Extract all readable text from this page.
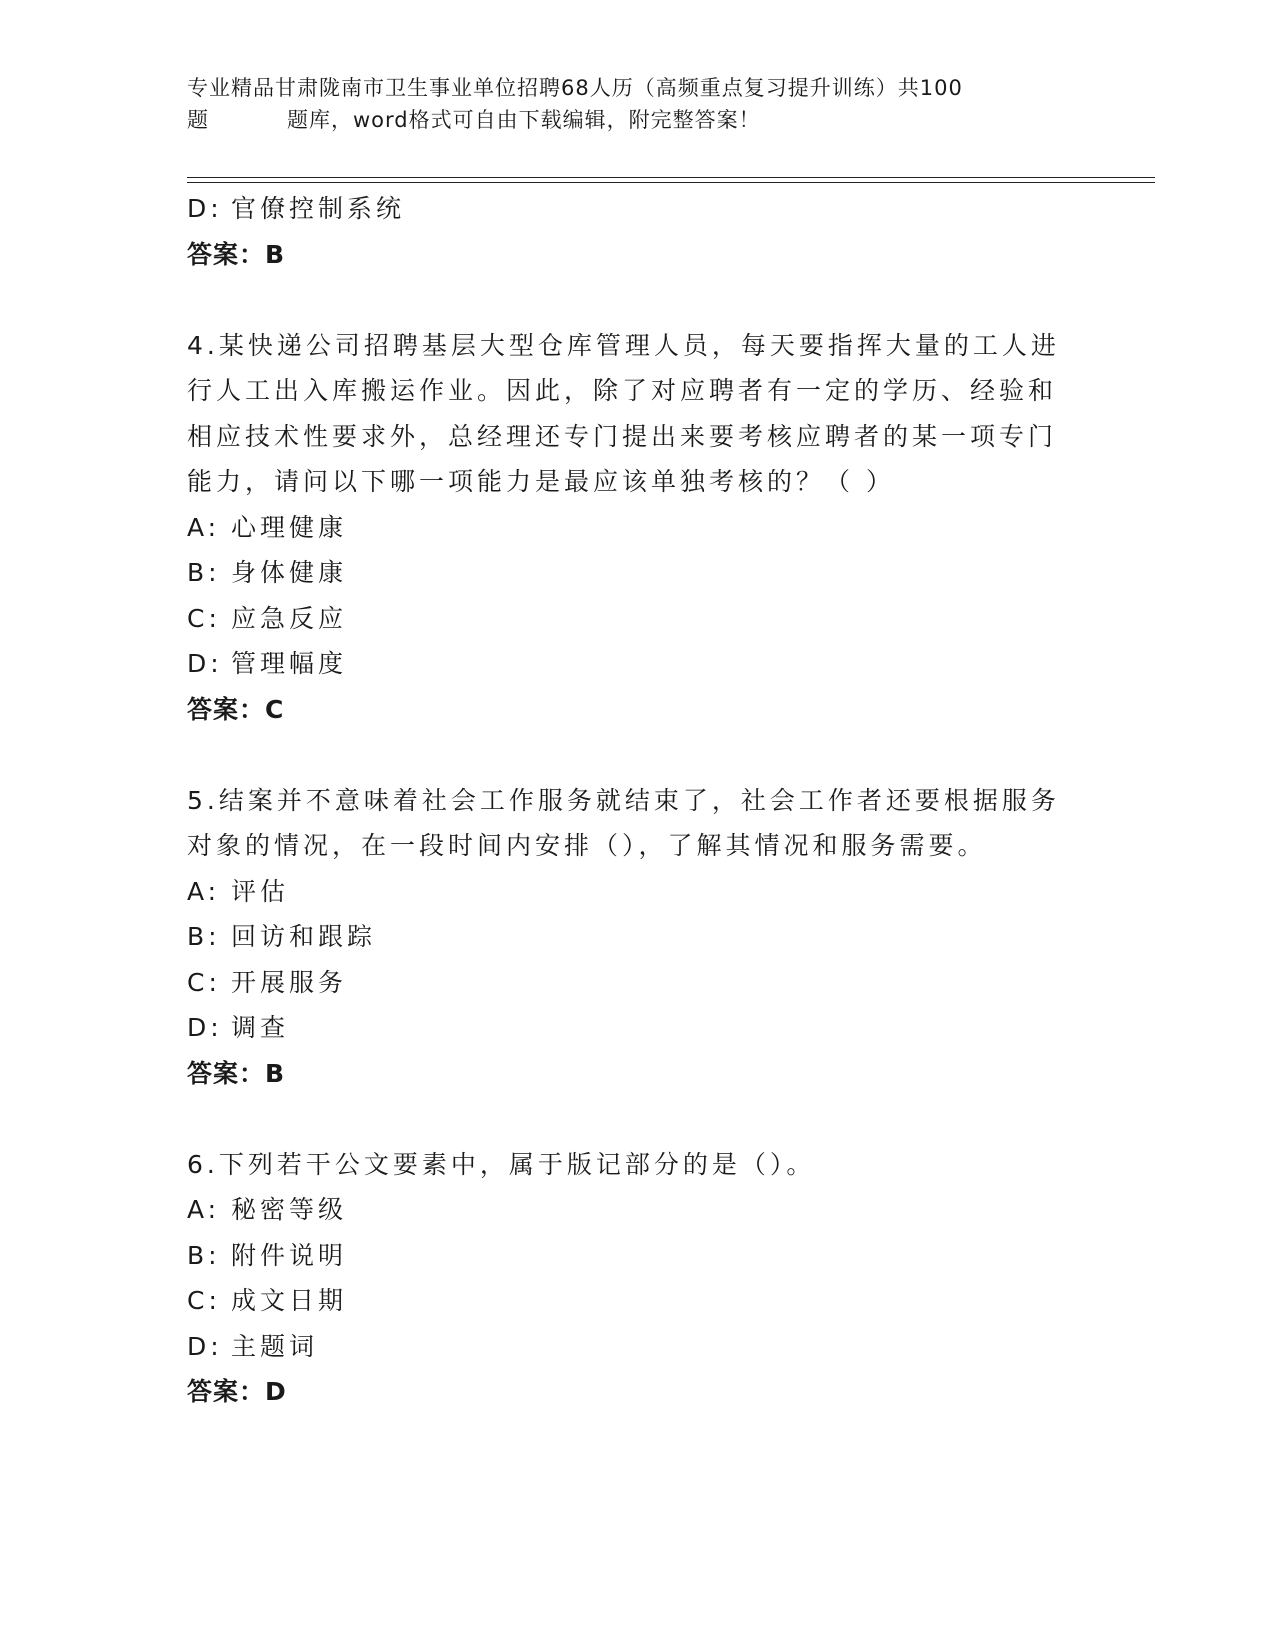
专业精品甘肃陇南市卫生事业单位招聘68人历（高频重点复习提升训练）共100
题	题库，word格式可自由下载编辑，附完整答案！
D: 官僚控制系统
答案：B
4.某快递公司招聘基层大型仓库管理人员，每天要指挥大量的工人进
行人工出入库搬运作业。因此，除了对应聘者有一定的学历、经验和
相应技术性要求外，总经理还专门提出来要考核应聘者的某一项专门
能力，请问以下哪一项能力是最应该单独考核的？（ ）
A: 心理健康
B: 身体健康
C: 应急反应
D: 管理幅度
答案：C
5.结案并不意味着社会工作服务就结束了，社会工作者还要根据服务
对象的情况，在一段时间内安排（），了解其情况和服务需要。
A: 评估
B: 回访和跟踪
C: 开展服务
D: 调查
答案：B
6.下列若干公文要素中，属于版记部分的是（）。
A: 秘密等级
B: 附件说明
C: 成文日期
D: 主题词
答案：D
